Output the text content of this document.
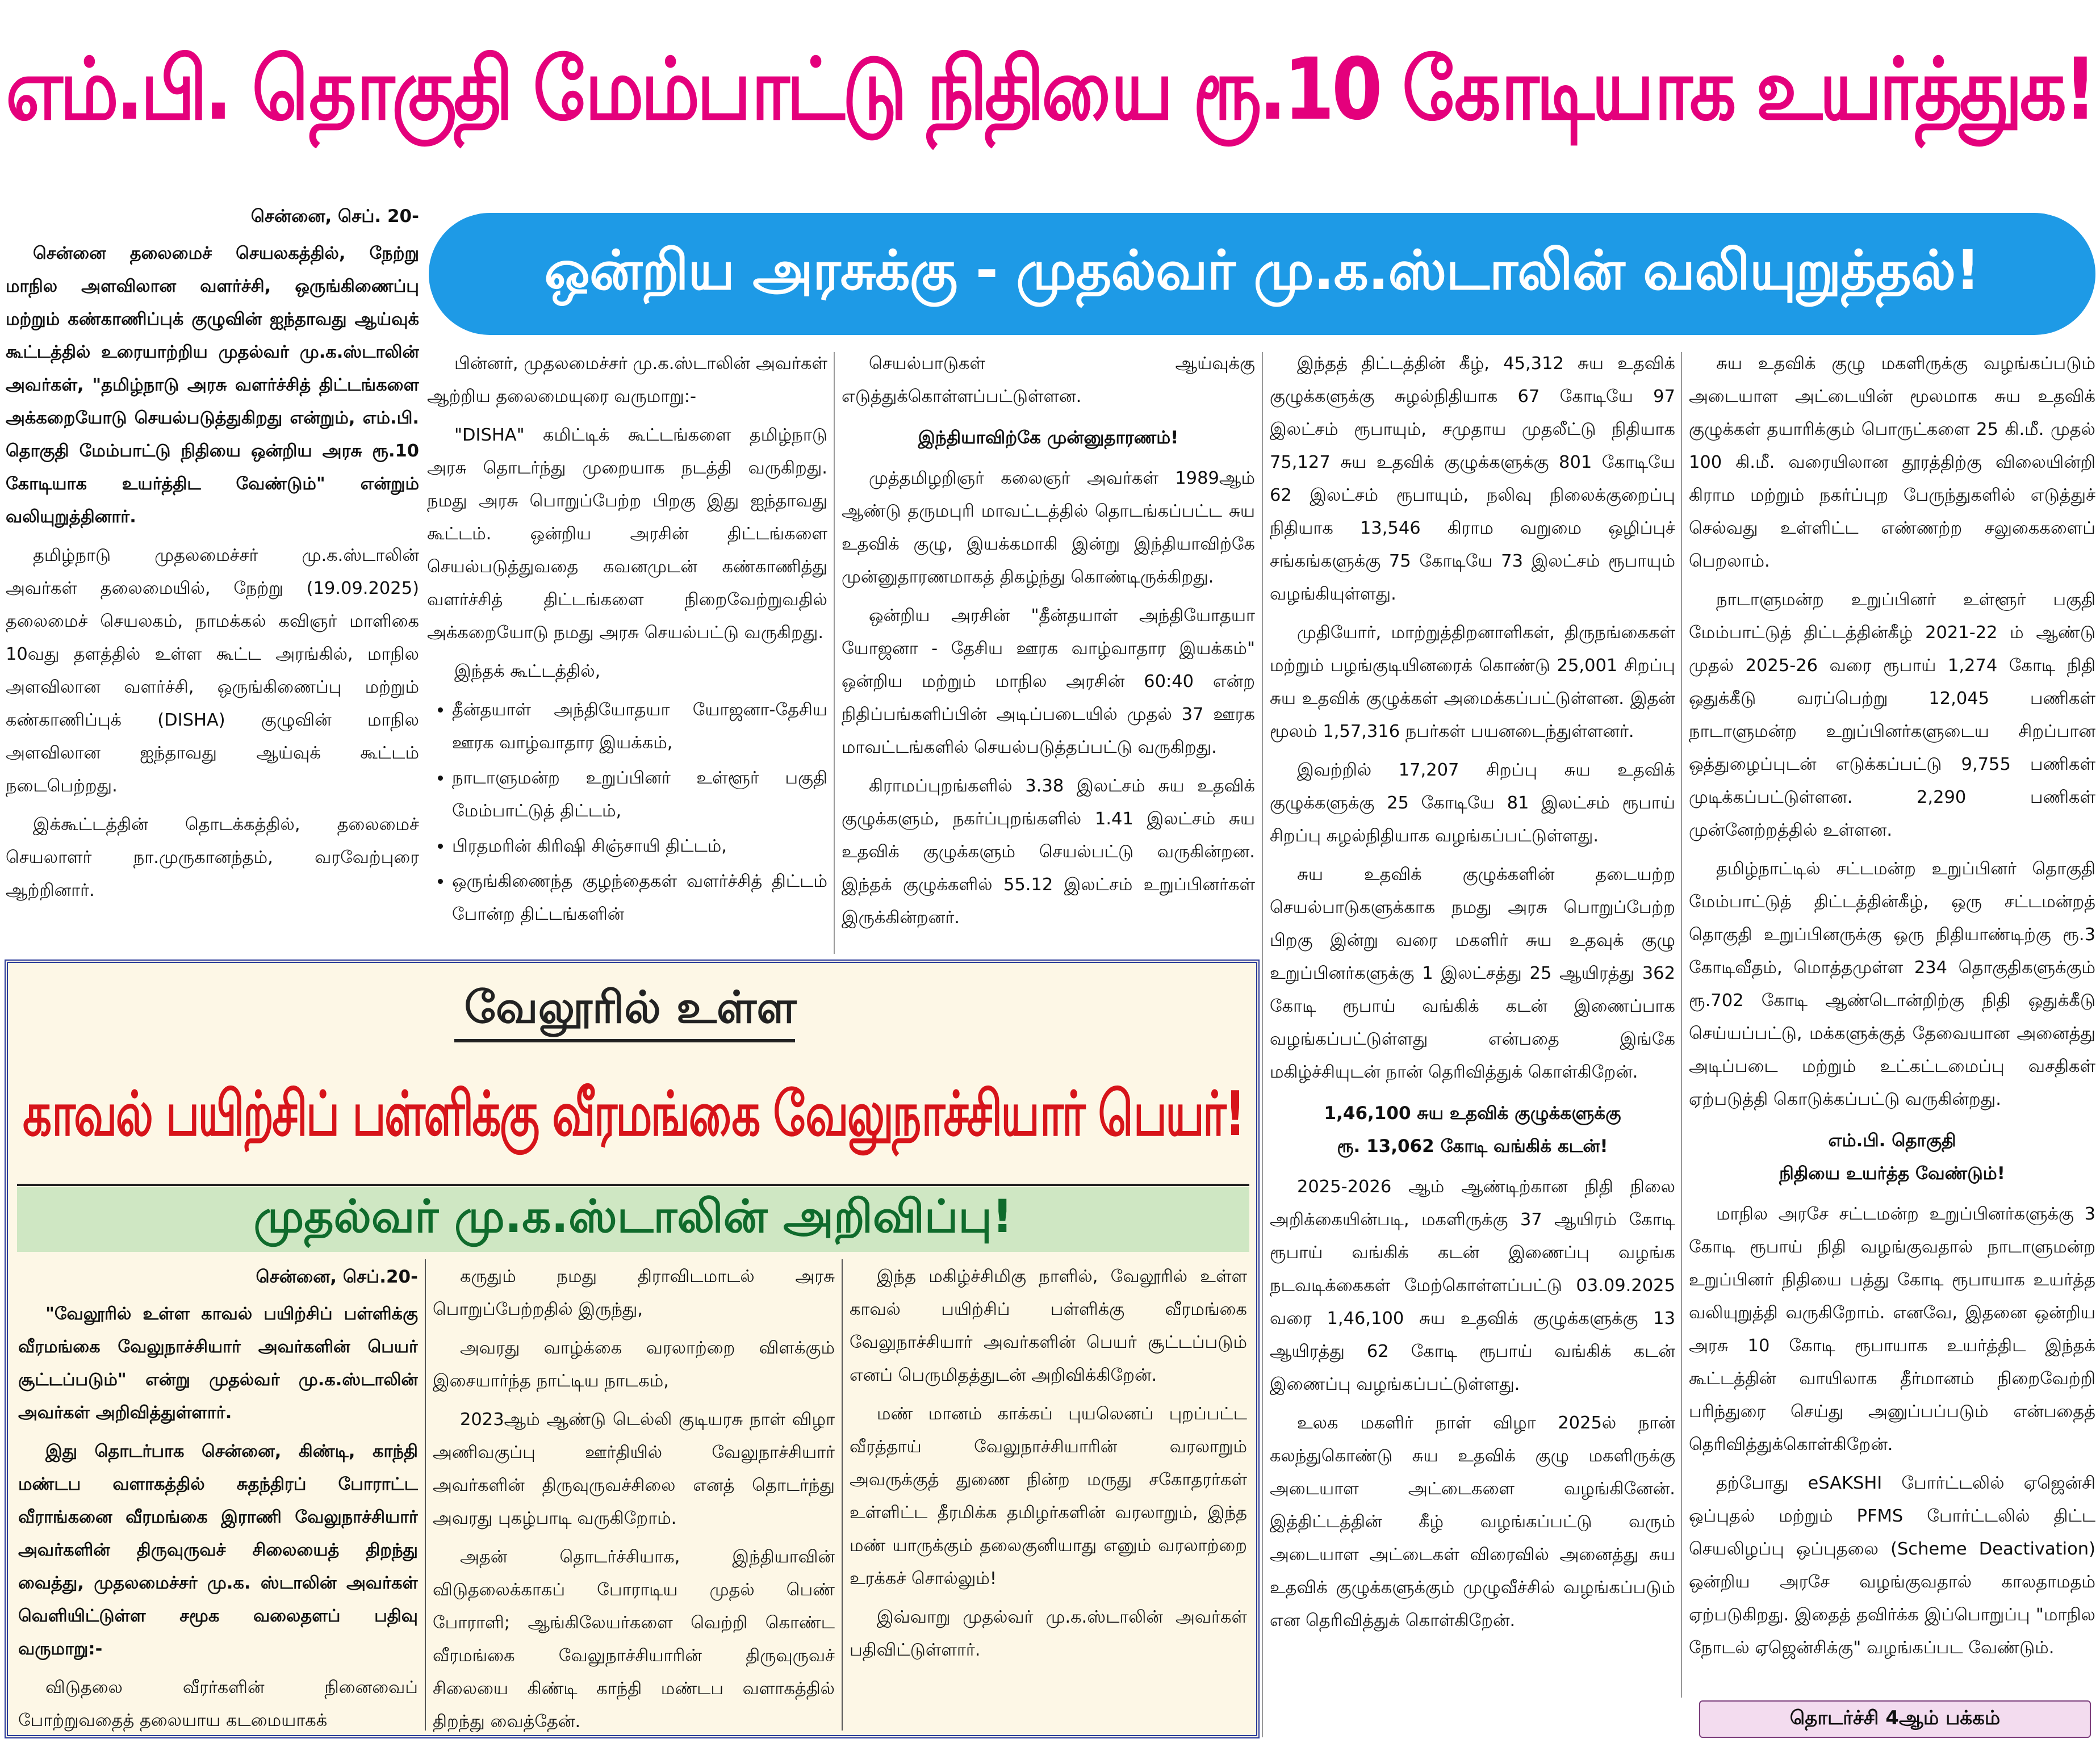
எம்.பி. தொகுதி மேம்பாட்டு நிதியை ரூ.10 கோடியாக உயர்த்துக!
சென்னை, செப். 20-

சென்னை தலைமைச் செயலகத்தில், நேற்று மாநில அளவிலான வளர்ச்சி, ஒருங்கிணைப்பு மற்றும் கண்காணிப்புக் குழுவின் ஐந்தாவது ஆய்வுக் கூட்டத்தில் உரையாற்றிய முதல்வர் மு.க.ஸ்டாலின் அவர்கள், "தமிழ்நாடு அரசு வளர்ச்சித் திட்டங்களை அக்கறையோடு செயல்படுத்துகிறது என்றும், எம்.பி. தொகுதி மேம்பாட்டு நிதியை ஒன்றிய அரசு ரூ.10 கோடியாக உயர்த்திட வேண்டும்" என்றும் வலியுறுத்தினார்.

தமிழ்நாடு முதலமைச்சர் மு.க.ஸ்டாலின் அவர்கள் தலைமையில், நேற்று (19.09.2025) தலைமைச் செயலகம், நாமக்கல் கவிஞர் மாளிகை 10வது தளத்தில் உள்ள கூட்ட அரங்கில், மாநில அளவிலான வளர்ச்சி, ஒருங்கிணைப்பு மற்றும் கண்காணிப்புக் (DISHA) குழுவின் மாநில அளவிலான ஐந்தாவது ஆய்வுக் கூட்டம் நடைபெற்றது.

இக்கூட்டத்தின் தொடக்கத்தில், தலைமைச் செயலாளர் நா.முருகானந்தம், வரவேற்புரை ஆற்றினார்.

ஒன்றிய அரசுக்கு - முதல்வர் மு.க.ஸ்டாலின் வலியுறுத்தல்!

பின்னர், முதலமைச்சர் மு.க.ஸ்டாலின் அவர்கள் ஆற்றிய தலைமையுரை வருமாறு:-

"DISHA" கமிட்டிக் கூட்டங்களை தமிழ்நாடு அரசு தொடர்ந்து முறையாக நடத்தி வருகிறது. நமது அரசு பொறுப்பேற்ற பிறகு இது ஐந்தாவது கூட்டம். ஒன்றிய அரசின் திட்டங்களை செயல்படுத்துவதை கவனமுடன் கண்காணித்து வளர்ச்சித் திட்டங்களை நிறைவேற்றுவதில் அக்கறையோடு நமது அரசு செயல்பட்டு வருகிறது.

இந்தக் கூட்டத்தில்,

• தீன்தயாள் அந்தியோதயா யோஜனா-தேசிய ஊரக வாழ்வாதார இயக்கம்,
• நாடாளுமன்ற உறுப்பினர் உள்ளூர் பகுதி மேம்பாட்டுத் திட்டம்,
• பிரதமரின் கிரிஷி சிஞ்சாயி திட்டம்,
• ஒருங்கிணைந்த குழந்தைகள் வளர்ச்சித் திட்டம் போன்ற திட்டங்களின்

செயல்பாடுகள் ஆய்வுக்கு எடுத்துக்கொள்ளப்பட்டுள்ளன.

இந்தியாவிற்கே முன்னுதாரணம்!

முத்தமிழறிஞர் கலைஞர் அவர்கள் 1989ஆம் ஆண்டு தருமபுரி மாவட்டத்தில் தொடங்கப்பட்ட சுய உதவிக் குழு, இயக்கமாகி இன்று இந்தியாவிற்கே முன்னுதாரணமாகத் திகழ்ந்து கொண்டிருக்கிறது.

ஒன்றிய அரசின் "தீன்தயாள் அந்தியோதயா யோஜனா - தேசிய ஊரக வாழ்வாதார இயக்கம்" ஒன்றிய மற்றும் மாநில அரசின் 60:40 என்ற நிதிப்பங்களிப்பின் அடிப்படையில் முதல் 37 ஊரக மாவட்டங்களில் செயல்படுத்தப்பட்டு வருகிறது.

கிராமப்புறங்களில் 3.38 இலட்சம் சுய உதவிக் குழுக்களும், நகர்ப்புறங்களில் 1.41 இலட்சம் சுய உதவிக் குழுக்களும் செயல்பட்டு வருகின்றன. இந்தக் குழுக்களில் 55.12 இலட்சம் உறுப்பினர்கள் இருக்கின்றனர்.

இந்தத் திட்டத்தின் கீழ், 45,312 சுய உதவிக் குழுக்களுக்கு சுழல்நிதியாக 67 கோடியே 97 இலட்சம் ரூபாயும், சமுதாய முதலீட்டு நிதியாக 75,127 சுய உதவிக் குழுக்களுக்கு 801 கோடியே 62 இலட்சம் ரூபாயும், நலிவு நிலைக்குறைப்பு நிதியாக 13,546 கிராம வறுமை ஒழிப்புச் சங்கங்களுக்கு 75 கோடியே 73 இலட்சம் ரூபாயும் வழங்கியுள்ளது.

முதியோர், மாற்றுத்திறனாளிகள், திருநங்கைகள் மற்றும் பழங்குடியினரைக் கொண்டு 25,001 சிறப்பு சுய உதவிக் குழுக்கள் அமைக்கப்பட்டுள்ளன. இதன் மூலம் 1,57,316 நபர்கள் பயனடைந்துள்ளனர்.

இவற்றில் 17,207 சிறப்பு சுய உதவிக் குழுக்களுக்கு 25 கோடியே 81 இலட்சம் ரூபாய் சிறப்பு சுழல்நிதியாக வழங்கப்பட்டுள்ளது.

சுய உதவிக் குழுக்களின் தடையற்ற செயல்பாடுகளுக்காக நமது அரசு பொறுப்பேற்ற பிறகு இன்று வரை மகளிர் சுய உதவுக் குழு உறுப்பினர்களுக்கு 1 இலட்சத்து 25 ஆயிரத்து 362 கோடி ரூபாய் வங்கிக் கடன் இணைப்பாக வழங்கப்பட்டுள்ளது என்பதை இங்கே மகிழ்ச்சியுடன் நான் தெரிவித்துக் கொள்கிறேன்.

1,46,100 சுய உதவிக் குழுக்களுக்கு
ரூ. 13,062 கோடி வங்கிக் கடன்!

2025-2026 ஆம் ஆண்டிற்கான நிதி நிலை அறிக்கையின்படி, மகளிருக்கு 37 ஆயிரம் கோடி ரூபாய் வங்கிக் கடன் இணைப்பு வழங்க நடவடிக்கைகள் மேற்கொள்ளப்பட்டு 03.09.2025 வரை 1,46,100 சுய உதவிக் குழுக்களுக்கு 13 ஆயிரத்து 62 கோடி ரூபாய் வங்கிக் கடன் இணைப்பு வழங்கப்பட்டுள்ளது.

உலக மகளிர் நாள் விழா 2025ல் நான் கலந்துகொண்டு சுய உதவிக் குழு மகளிருக்கு அடையாள அட்டைகளை வழங்கினேன். இத்திட்டத்தின் கீழ் வழங்கப்பட்டு வரும் அடையாள அட்டைகள் விரைவில் அனைத்து சுய உதவிக் குழுக்களுக்கும் முழுவீச்சில் வழங்கப்படும் என தெரிவித்துக் கொள்கிறேன்.

சுய உதவிக் குழு மகளிருக்கு வழங்கப்படும் அடையாள அட்டையின் மூலமாக சுய உதவிக் குழுக்கள் தயாரிக்கும் பொருட்களை 25 கி.மீ. முதல் 100 கி.மீ. வரையிலான தூரத்திற்கு விலையின்றி கிராம மற்றும் நகர்ப்புற பேருந்துகளில் எடுத்துச் செல்வது உள்ளிட்ட எண்ணற்ற சலுகைகளைப் பெறலாம்.

நாடாளுமன்ற உறுப்பினர் உள்ளூர் பகுதி மேம்பாட்டுத் திட்டத்தின்கீழ் 2021-22 ம் ஆண்டு முதல் 2025-26 வரை ரூபாய் 1,274 கோடி நிதி ஒதுக்கீடு வரப்பெற்று 12,045 பணிகள் நாடாளுமன்ற உறுப்பினர்களுடைய சிறப்பான ஒத்துழைப்புடன் எடுக்கப்பட்டு 9,755 பணிகள் முடிக்கப்பட்டுள்ளன. 2,290 பணிகள் முன்னேற்றத்தில் உள்ளன.

தமிழ்நாட்டில் சட்டமன்ற உறுப்பினர் தொகுதி மேம்பாட்டுத் திட்டத்தின்கீழ், ஒரு சட்டமன்றத் தொகுதி உறுப்பினருக்கு ஒரு நிதியாண்டிற்கு ரூ.3 கோடிவீதம், மொத்தமுள்ள 234 தொகுதிகளுக்கும் ரூ.702 கோடி ஆண்டொன்றிற்கு நிதி ஒதுக்கீடு செய்யப்பட்டு, மக்களுக்குத் தேவையான அனைத்து அடிப்படை மற்றும் உட்கட்டமைப்பு வசதிகள் ஏற்படுத்தி கொடுக்கப்பட்டு வருகின்றது.

எம்.பி. தொகுதி
நிதியை உயர்த்த வேண்டும்!

மாநில அரசே சட்டமன்ற உறுப்பினர்களுக்கு 3 கோடி ரூபாய் நிதி வழங்குவதால் நாடாளுமன்ற உறுப்பினர் நிதியை பத்து கோடி ரூபாயாக உயர்த்த வலியுறுத்தி வருகிறோம். எனவே, இதனை ஒன்றிய அரசு 10 கோடி ரூபாயாக உயர்த்திட இந்தக் கூட்டத்தின் வாயிலாக தீர்மானம் நிறைவேற்றி பரிந்துரை செய்து அனுப்பப்படும் என்பதைத் தெரிவித்துக்கொள்கிறேன்.

தற்போது eSAKSHI போர்ட்டலில் ஏஜென்சி ஒப்புதல் மற்றும் PFMS போர்ட்டலில் திட்ட செயலிழப்பு ஒப்புதலை (Scheme Deactivation) ஒன்றிய அரசே வழங்குவதால் காலதாமதம் ஏற்படுகிறது. இதைத் தவிர்க்க இப்பொறுப்பு "மாநில நோடல் ஏஜென்சிக்கு" வழங்கப்பட வேண்டும்.

தொடர்ச்சி 4ஆம் பக்கம்
வேலூரில் உள்ள
காவல் பயிற்சிப் பள்ளிக்கு வீரமங்கை வேலுநாச்சியார் பெயர்!
முதல்வர் மு.க.ஸ்டாலின் அறிவிப்பு!
சென்னை, செப்.20-

"வேலூரில் உள்ள காவல் பயிற்சிப் பள்ளிக்கு வீரமங்கை வேலுநாச்சியார் அவர்களின் பெயர் சூட்டப்படும்" என்று முதல்வர் மு.க.ஸ்டாலின் அவர்கள் அறிவித்துள்ளார்.

இது தொடர்பாக சென்னை, கிண்டி, காந்தி மண்டப வளாகத்தில் சுதந்திரப் போராட்ட வீராங்கனை வீரமங்கை இராணி வேலுநாச்சியார் அவர்களின் திருவுருவச் சிலையைத் திறந்து வைத்து, முதலமைச்சர் மு.க. ஸ்டாலின் அவர்கள் வெளியிட்டுள்ள சமூக வலைதளப் பதிவு வருமாறு:-

விடுதலை வீரர்களின் நினைவைப் போற்றுவதைத் தலையாய கடமையாகக்

கருதும் நமது திராவிடமாடல் அரசு பொறுப்பேற்றதில் இருந்து,

அவரது வாழ்க்கை வரலாற்றை விளக்கும் இசையார்ந்த நாட்டிய நாடகம்,

2023ஆம் ஆண்டு டெல்லி குடியரசு நாள் விழா அணிவகுப்பு ஊர்தியில் வேலுநாச்சியார் அவர்களின் திருவுருவச்சிலை எனத் தொடர்ந்து அவரது புகழ்பாடி வருகிறோம்.

அதன் தொடர்ச்சியாக, இந்தியாவின் விடுதலைக்காகப் போராடிய முதல் பெண் போராளி; ஆங்கிலேயர்களை வெற்றி கொண்ட வீரமங்கை வேலுநாச்சியாரின் திருவுருவச் சிலையை கிண்டி காந்தி மண்டப வளாகத்தில் திறந்து வைத்தேன்.

இந்த மகிழ்ச்சிமிகு நாளில், வேலூரில் உள்ள காவல் பயிற்சிப் பள்ளிக்கு வீரமங்கை வேலுநாச்சியார் அவர்களின் பெயர் சூட்டப்படும் எனப் பெருமிதத்துடன் அறிவிக்கிறேன்.

மண் மானம் காக்கப் புயலெனப் புறப்பட்ட வீரத்தாய் வேலுநாச்சியாரின் வரலாறும் அவருக்குத் துணை நின்ற மருது சகோதரர்கள் உள்ளிட்ட தீரமிக்க தமிழர்களின் வரலாறும், இந்த மண் யாருக்கும் தலைகுனியாது எனும் வரலாற்றை உரக்கச் சொல்லும்!

இவ்வாறு முதல்வர் மு.க.ஸ்டாலின் அவர்கள் பதிவிட்டுள்ளார்.
